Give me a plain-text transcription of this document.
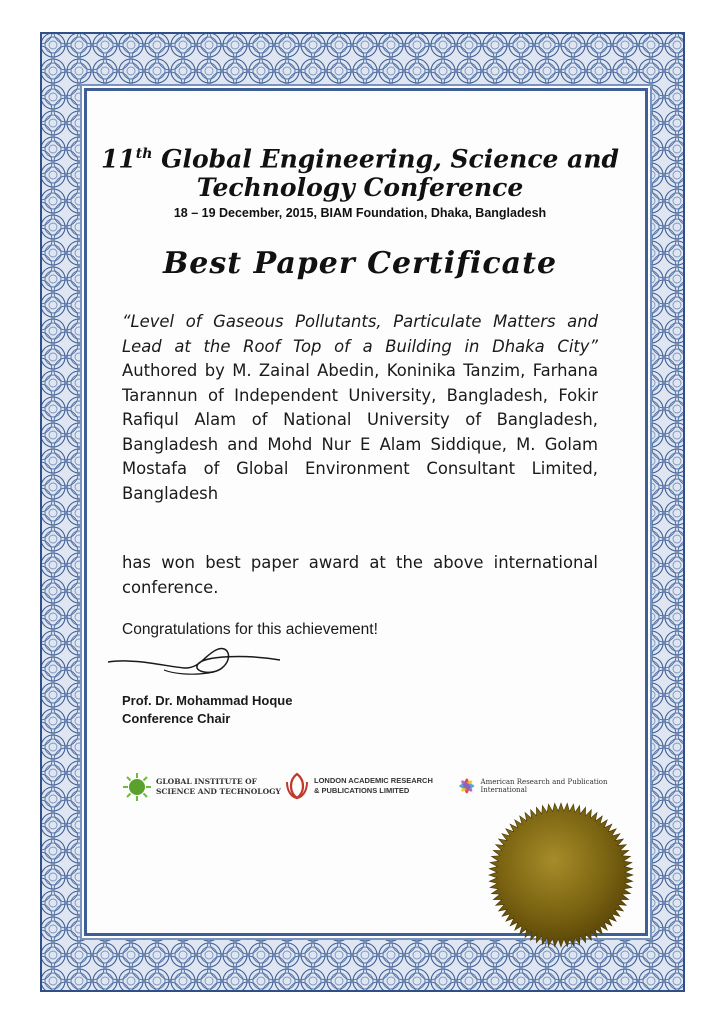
11th Global Engineering, Science and
Technology Conference
18 – 19 December, 2015, BIAM Foundation, Dhaka, Bangladesh
Best Paper Certificate
“Level of Gaseous Pollutants, Particulate Matters and Lead at the Roof Top of a Building in Dhaka City” Authored by M. Zainal Abedin, Koninika Tanzim, Farhana Tarannun of Independent University, Bangladesh, Fokir Rafiqul Alam of National University of Bangladesh, Bangladesh and Mohd Nur E Alam Siddique, M. Golam Mostafa of Global Environment Consultant Limited, Bangladesh
has won best paper award at the above international conference.
Congratulations for this achievement!
Prof. Dr. Mohammad Hoque
Conference Chair
GLOBAL INSTITUTE OF
SCIENCE AND TECHNOLOGY
LONDON ACADEMIC RESEARCH
& PUBLICATIONS LIMITED
American Research and Publication International
